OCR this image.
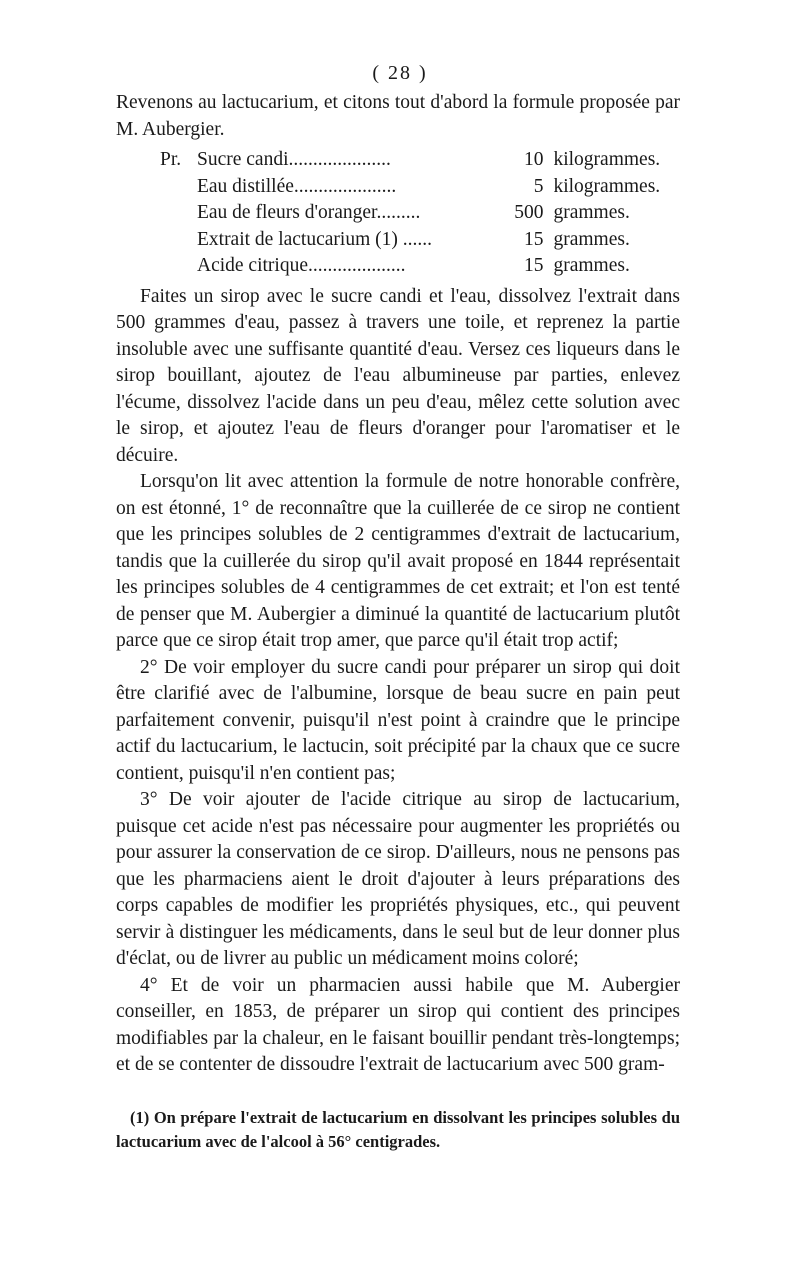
( 28 )

Revenons au lactucarium, et citons tout d'abord la formule proposée par M. Aubergier.

Pr. Sucre candi.....................	10 kilogrammes.
Eau distillée.....................	5 kilogrammes.
Eau de fleurs d'oranger.........	500 grammes.
Extrait de lactucarium (1) ......	15 grammes.
Acide citrique....................	15 grammes.

Faites un sirop avec le sucre candi et l'eau, dissolvez l'extrait dans 500 grammes d'eau, passez à travers une toile, et reprenez la partie insoluble avec une suffisante quantité d'eau. Versez ces liqueurs dans le sirop bouillant, ajoutez de l'eau albumineuse par parties, enlevez l'écume, dissolvez l'acide dans un peu d'eau, mêlez cette solution avec le sirop, et ajoutez l'eau de fleurs d'oranger pour l'aromatiser et le décuire.

Lorsqu'on lit avec attention la formule de notre honorable confrère, on est étonné, 1° de reconnaître que la cuillerée de ce sirop ne contient que les principes solubles de 2 centigrammes d'extrait de lactucarium, tandis que la cuillerée du sirop qu'il avait proposé en 1844 représentait les principes solubles de 4 centigrammes de cet extrait; et l'on est tenté de penser que M. Aubergier a diminué la quantité de lactucarium plutôt parce que ce sirop était trop amer, que parce qu'il était trop actif;

2° De voir employer du sucre candi pour préparer un sirop qui doit être clarifié avec de l'albumine, lorsque de beau sucre en pain peut parfaitement convenir, puisqu'il n'est point à craindre que le principe actif du lactucarium, le lactucin, soit précipité par la chaux que ce sucre contient, puisqu'il n'en contient pas;

3° De voir ajouter de l'acide citrique au sirop de lactucarium, puisque cet acide n'est pas nécessaire pour augmenter les propriétés ou pour assurer la conservation de ce sirop. D'ailleurs, nous ne pensons pas que les pharmaciens aient le droit d'ajouter à leurs préparations des corps capables de modifier les propriétés physiques, etc., qui peuvent servir à distinguer les médicaments, dans le seul but de leur donner plus d'éclat, ou de livrer au public un médicament moins coloré;

4° Et de voir un pharmacien aussi habile que M. Aubergier conseiller, en 1853, de préparer un sirop qui contient des principes modifiables par la chaleur, en le faisant bouillir pendant très-longtemps; et de se contenter de dissoudre l'extrait de lactucarium avec 500 gram-

(1) On prépare l'extrait de lactucarium en dissolvant les principes solubles du lactucarium avec de l'alcool à 56° centigrades.
